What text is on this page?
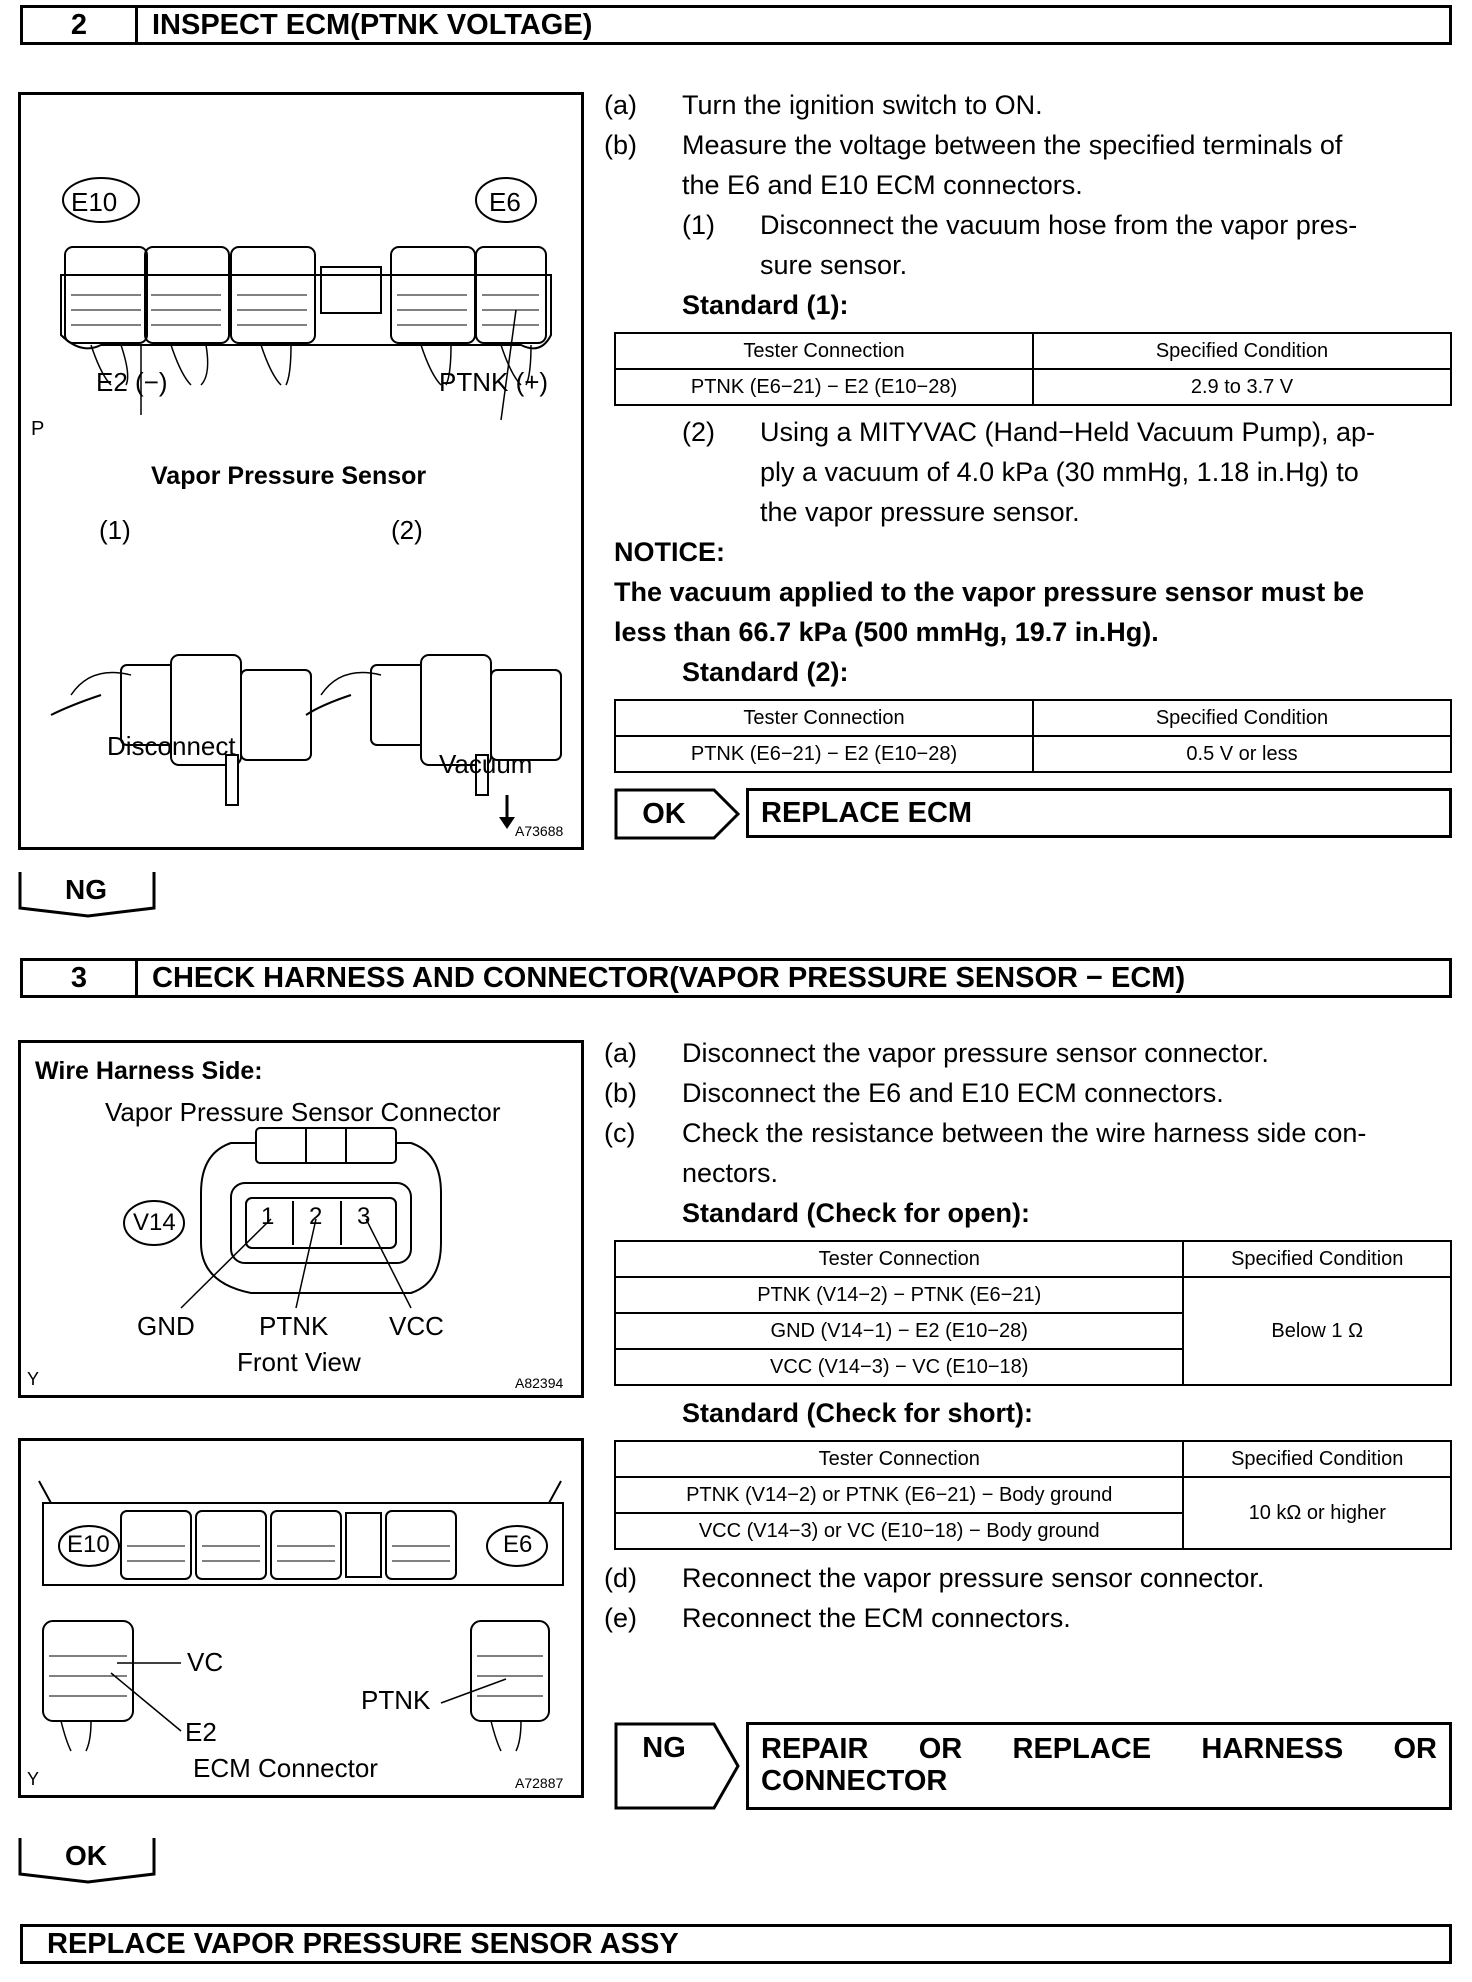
2	INSPECT ECM(PTNK VOLTAGE)
E10	E6
E2 (−)	PTNK (+)
P
Vapor Pressure Sensor
(1)	(2)
Disconnect
Vacuum
A73688
(a) Turn the ignition switch to ON.
(b) Measure the voltage between the specified terminals of
the E6 and E10 ECM connectors.
(1) Disconnect the vacuum hose from the vapor pres-
sure sensor.
Standard (1):
Tester Connection	Specified Condition
PTNK (E6−21) − E2 (E10−28)	2.9 to 3.7 V
(2) Using a MITYVAC (Hand−Held Vacuum Pump), ap-
ply a vacuum of 4.0 kPa (30 mmHg, 1.18 in.Hg) to
the vapor pressure sensor.
NOTICE:
The vacuum applied to the vapor pressure sensor must be
less than 66.7 kPa (500 mmHg, 19.7 in.Hg).
Standard (2):
Tester Connection	Specified Condition
PTNK (E6−21) − E2 (E10−28)	0.5 V or less
OK	REPLACE ECM
NG
3	CHECK HARNESS AND CONNECTOR(VAPOR PRESSURE SENSOR − ECM)
Wire Harness Side:
Vapor Pressure Sensor Connector
V14	1 2 3
GND PTNK VCC
Front View
Y	A82394
E10	E6
VC
E2
PTNK
ECM Connector
Y	A72887
(a) Disconnect the vapor pressure sensor connector.
(b) Disconnect the E6 and E10 ECM connectors.
(c) Check the resistance between the wire harness side con-
nectors.
Standard (Check for open):
Tester Connection	Specified Condition
PTNK (V14−2) − PTNK (E6−21)	Below 1 Ω
GND (V14−1) − E2 (E10−28)	
VCC (V14−3) − VC (E10−18)	
Standard (Check for short):
Tester Connection	Specified Condition
PTNK (V14−2) or PTNK (E6−21) − Body ground	10 kΩ or higher
VCC (V14−3) or VC (E10−18) − Body ground	
(d) Reconnect the vapor pressure sensor connector.
(e) Reconnect the ECM connectors.
NG	REPAIR OR REPLACE HARNESS OR
CONNECTOR
OK
REPLACE VAPOR PRESSURE SENSOR ASSY
